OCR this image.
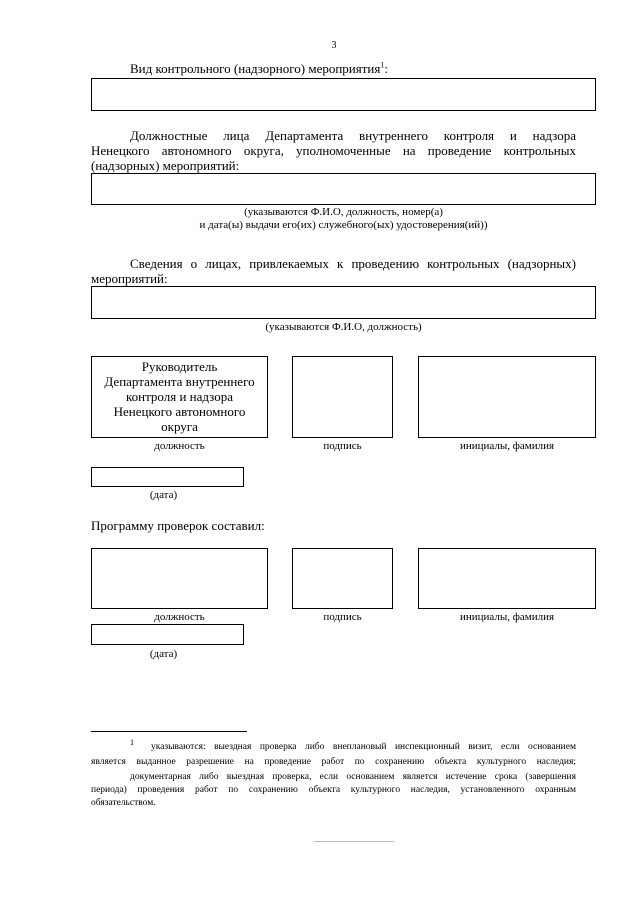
3
Вид контрольного (надзорного) мероприятия$^1$:
Должностные лица Департамента внутреннего контроля и надзора
Ненецкого автономного округа, уполномоченные на проведение контрольных
(надзорных) мероприятий:
(указываются Ф.И.О, должность, номер(а)
и дата(ы) выдачи его(их) служебного(ых) удостоверения(ий))
Сведения о лицах, привлекаемых к проведению контрольных (надзорных)
мероприятий:
(указываются Ф.И.О, должность)
Руководитель
Департамента внутреннего
контроля и надзора
Ненецкого автономного
округа
должность	подпись	инициалы, фамилия
(дата)
Программу проверок составил:
должность	подпись	инициалы, фамилия
(дата)
$^1$ указываются: выездная проверка либо внеплановый инспекционный визит, если основанием
является выданное разрешение на проведение работ по сохранению объекта культурного наследия;
документарная либо выездная проверка, если основанием является истечение срока (завершения
периода) проведения работ по сохранению объекта культурного наследия, установленного охранным
обязательством.
